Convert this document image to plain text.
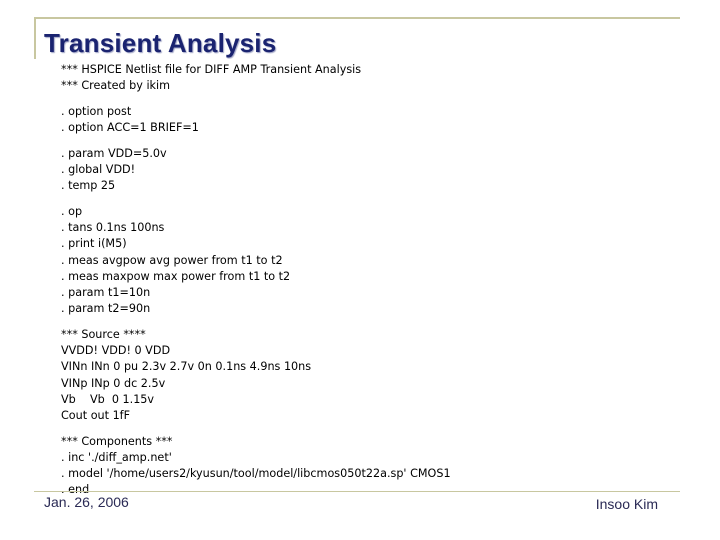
Transient Analysis
*** HSPICE Netlist file for DIFF AMP Transient Analysis
*** Created by ikim
. option post
. option ACC=1 BRIEF=1
. param VDD=5.0v
. global VDD!
. temp 25
. op
. tans 0.1ns 100ns
. print i(M5)
. meas avgpow avg power from t1 to t2
. meas maxpow max power from t1 to t2
. param t1=10n
. param t2=90n
*** Source ****
VVDD! VDD! 0 VDD
VINn INn 0 pu 2.3v 2.7v 0n 0.1ns 4.9ns 10ns
VINp INp 0 dc 2.5v
Vb    Vb  0 1.15v
Cout out 1fF
*** Components ***
. inc './diff_amp.net'
. model '/home/users2/kyusun/tool/model/libcmos050t22a.sp' CMOS1
. end
Jan. 26, 2006	Insoo Kim
